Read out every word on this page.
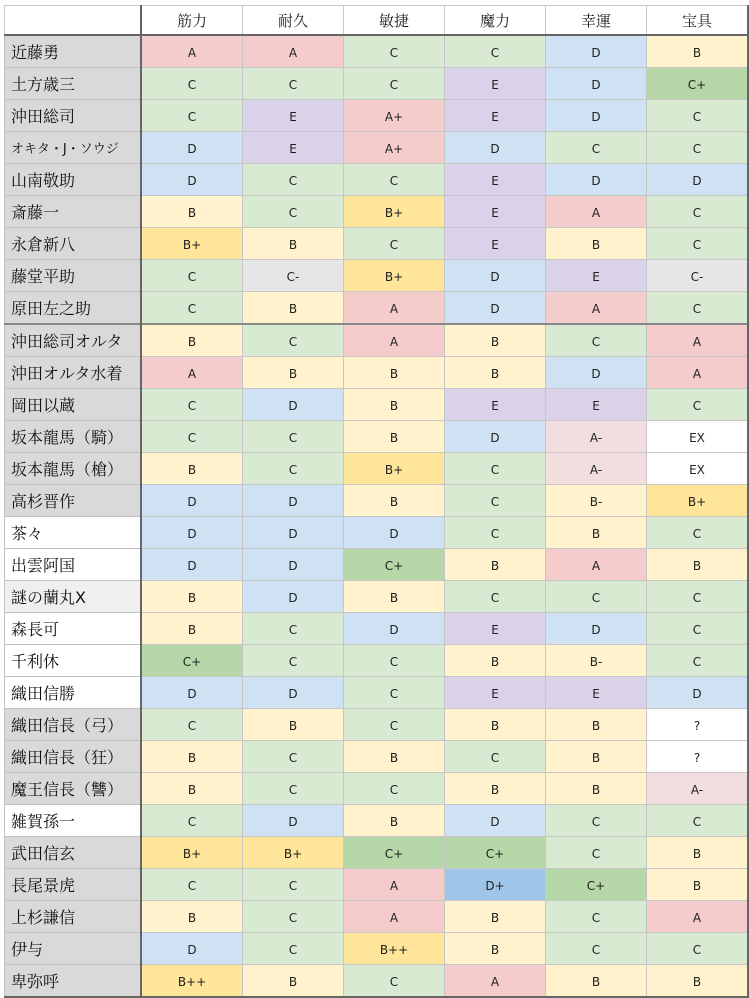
	筋力	耐久	敏捷	魔力	幸運	宝具
近藤勇	A	A	C	C	D	B
土方歳三	C	C	C	E	D	C+
沖田総司	C	E	A+	E	D	C
オキタ・J・ソウジ	D	E	A+	D	C	C
山南敬助	D	C	C	E	D	D
斎藤一	B	C	B+	E	A	C
永倉新八	B+	B	C	E	B	C
藤堂平助	C	C-	B+	D	E	C-
原田左之助	C	B	A	D	A	C
沖田総司オルタ	B	C	A	B	C	A
沖田オルタ水着	A	B	B	B	D	A
岡田以蔵	C	D	B	E	E	C
坂本龍馬（騎）	C	C	B	D	A-	EX
坂本龍馬（槍）	B	C	B+	C	A-	EX
高杉晋作	D	D	B	C	B-	B+
茶々	D	D	D	C	B	C
出雲阿国	D	D	C+	B	A	B
謎の蘭丸X	B	D	B	C	C	C
森長可	B	C	D	E	D	C
千利休	C+	C	C	B	B-	C
織田信勝	D	D	C	E	E	D
織田信長（弓）	C	B	C	B	B	?
織田信長（狂）	B	C	B	C	B	?
魔王信長（讐）	B	C	C	B	B	A-
雑賀孫一	C	D	B	D	C	C
武田信玄	B+	B+	C+	C+	C	B
長尾景虎	C	C	A	D+	C+	B
上杉謙信	B	C	A	B	C	A
伊与	D	C	B++	B	C	C
卑弥呼	B++	B	C	A	B	B
